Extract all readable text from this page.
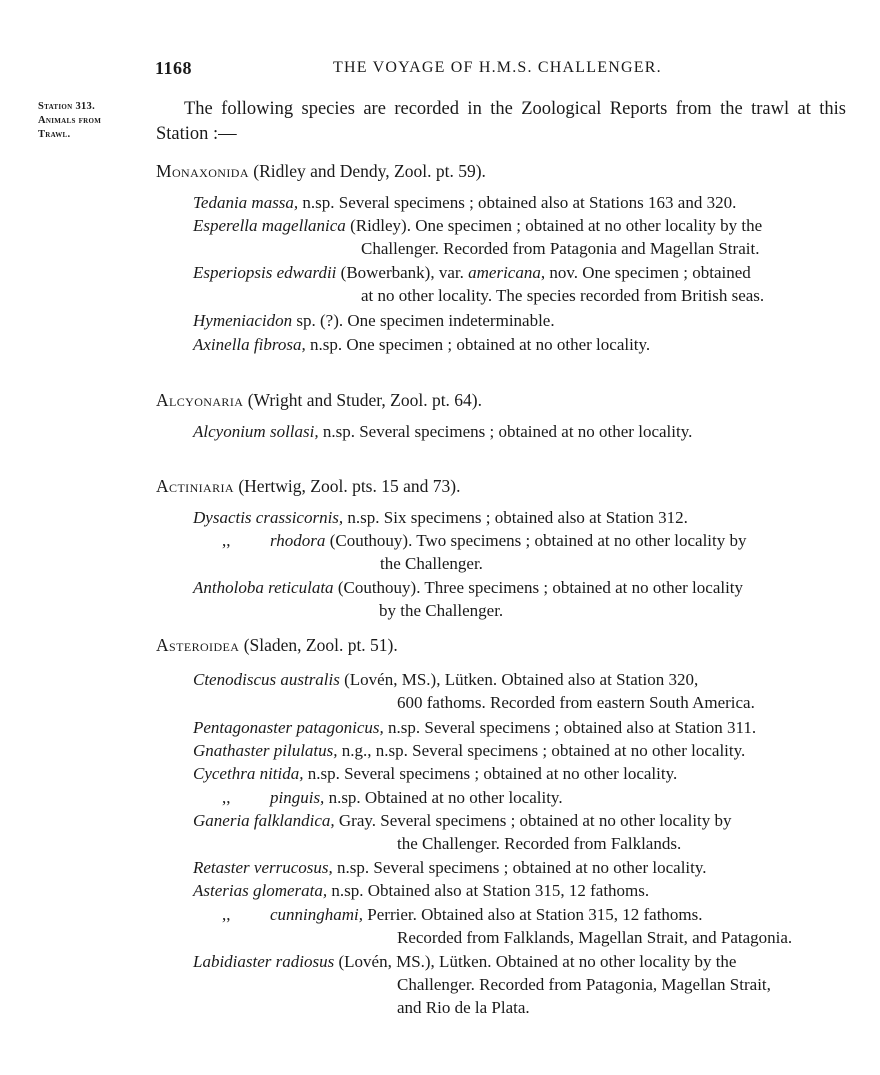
1168	THE VOYAGE OF H.M.S. CHALLENGER.
Station 313.
Animals from
Trawl.
The following species are recorded in the Zoological Reports from the trawl at this Station :—
Monaxonida (Ridley and Dendy, Zool. pt. 59).
Tedania massa, n.sp. Several specimens ; obtained also at Stations 163 and 320.
Esperella magellanica (Ridley). One specimen ; obtained at no other locality by the
Challenger. Recorded from Patagonia and Magellan Strait.
Esperiopsis edwardii (Bowerbank), var. americana, nov. One specimen ; obtained
at no other locality. The species recorded from British seas.
Hymeniacidon sp. (?). One specimen indeterminable.
Axinella fibrosa, n.sp. One specimen ; obtained at no other locality.
Alcyonaria (Wright and Studer, Zool. pt. 64).
Alcyonium sollasi, n.sp. Several specimens ; obtained at no other locality.
Actiniaria (Hertwig, Zool. pts. 15 and 73).
Dysactis crassicornis, n.sp. Six specimens ; obtained also at Station 312.
,, rhodora (Couthouy). Two specimens ; obtained at no other locality by
the Challenger.
Antholoba reticulata (Couthouy). Three specimens ; obtained at no other locality
by the Challenger.
Asteroidea (Sladen, Zool. pt. 51).
Ctenodiscus australis (Lovén, MS.), Lütken. Obtained also at Station 320,
600 fathoms. Recorded from eastern South America.
Pentagonaster patagonicus, n.sp. Several specimens ; obtained also at Station 311.
Gnathaster pilulatus, n.g., n.sp. Several specimens ; obtained at no other locality.
Cycethra nitida, n.sp. Several specimens ; obtained at no other locality.
,, pinguis, n.sp. Obtained at no other locality.
Ganeria falklandica, Gray. Several specimens ; obtained at no other locality by
the Challenger. Recorded from Falklands.
Retaster verrucosus, n.sp. Several specimens ; obtained at no other locality.
Asterias glomerata, n.sp. Obtained also at Station 315, 12 fathoms.
,, cunninghami, Perrier. Obtained also at Station 315, 12 fathoms.
Recorded from Falklands, Magellan Strait, and Patagonia.
Labidiaster radiosus (Lovén, MS.), Lütken. Obtained at no other locality by the
Challenger. Recorded from Patagonia, Magellan Strait,
and Rio de la Plata.
